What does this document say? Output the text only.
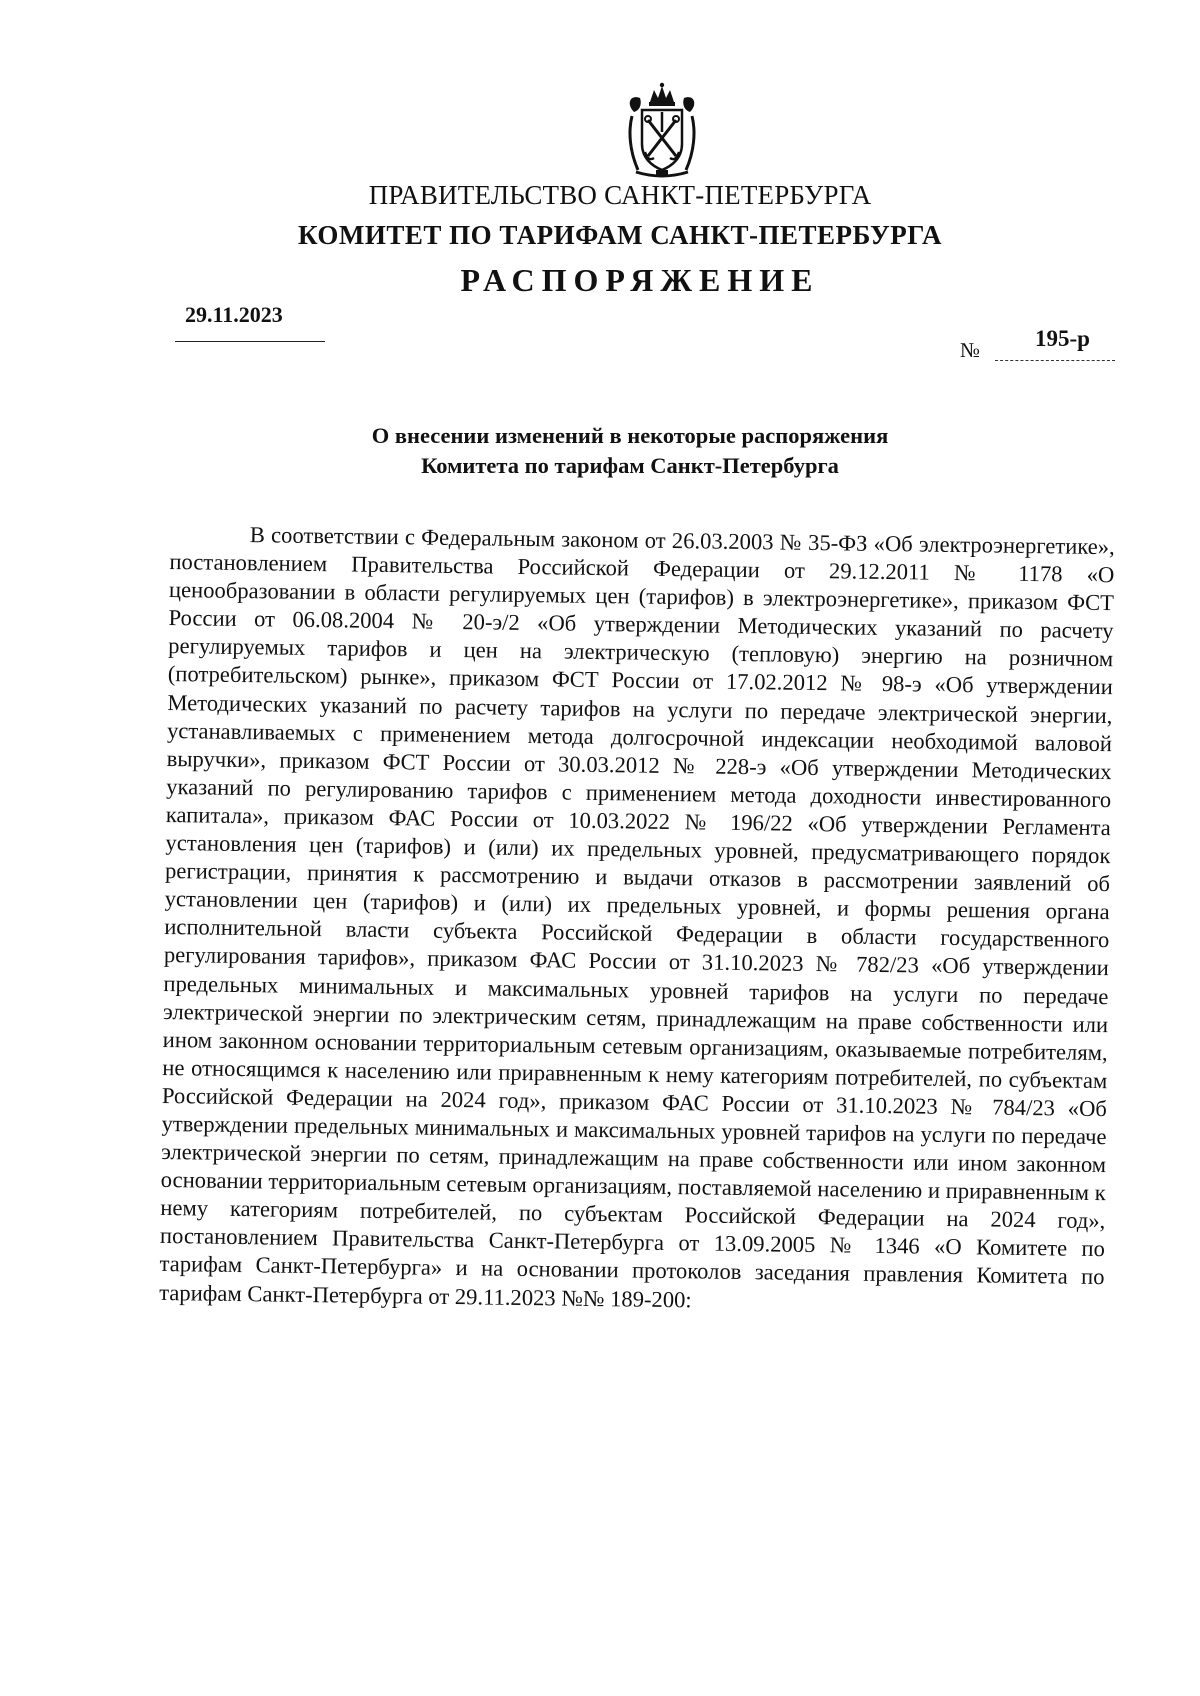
ПРАВИТЕЛЬСТВО САНКТ-ПЕТЕРБУРГА
КОМИТЕТ ПО ТАРИФАМ САНКТ-ПЕТЕРБУРГА
РАСПОРЯЖЕНИЕ
29.11.2023
№ 195-р
О внесении изменений в некоторые распоряжения
Комитета по тарифам Санкт-Петербурга
В соответствии с Федеральным законом от 26.03.2003 № 35-ФЗ «Об электроэнергетике», постановлением Правительства Российской Федерации от 29.12.2011 № 1178 «О ценообразовании в области регулируемых цен (тарифов) в электроэнергетике», приказом ФСТ России от 06.08.2004 № 20-э/2 «Об утверждении Методических указаний по расчету регулируемых тарифов и цен на электрическую (тепловую) энергию на розничном (потребительском) рынке», приказом ФСТ России от 17.02.2012 № 98-э «Об утверждении Методических указаний по расчету тарифов на услуги по передаче электрической энергии, устанавливаемых с применением метода долгосрочной индексации необходимой валовой выручки», приказом ФСТ России от 30.03.2012 № 228-э «Об утверждении Методических указаний по регулированию тарифов с применением метода доходности инвестированного капитала», приказом ФАС России от 10.03.2022 № 196/22 «Об утверждении Регламента установления цен (тарифов) и (или) их предельных уровней, предусматривающего порядок регистрации, принятия к рассмотрению и выдачи отказов в рассмотрении заявлений об установлении цен (тарифов) и (или) их предельных уровней, и формы решения органа исполнительной власти субъекта Российской Федерации в области государственного регулирования тарифов», приказом ФАС России от 31.10.2023 № 782/23 «Об утверждении предельных минимальных и максимальных уровней тарифов на услуги по передаче электрической энергии по электрическим сетям, принадлежащим на праве собственности или ином законном основании территориальным сетевым организациям, оказываемые потребителям, не относящимся к населению или приравненным к нему категориям потребителей, по субъектам Российской Федерации на 2024 год», приказом ФАС России от 31.10.2023 № 784/23 «Об утверждении предельных минимальных и максимальных уровней тарифов на услуги по передаче электрической энергии по сетям, принадлежащим на праве собственности или ином законном основании территориальным сетевым организациям, поставляемой населению и приравненным к нему категориям потребителей, по субъектам Российской Федерации на 2024 год», постановлением Правительства Санкт-Петербурга от 13.09.2005 № 1346 «О Комитете по тарифам Санкт-Петербурга» и на основании протоколов заседания правления Комитета по тарифам Санкт-Петербурга от 29.11.2023 №№ 189-200:
